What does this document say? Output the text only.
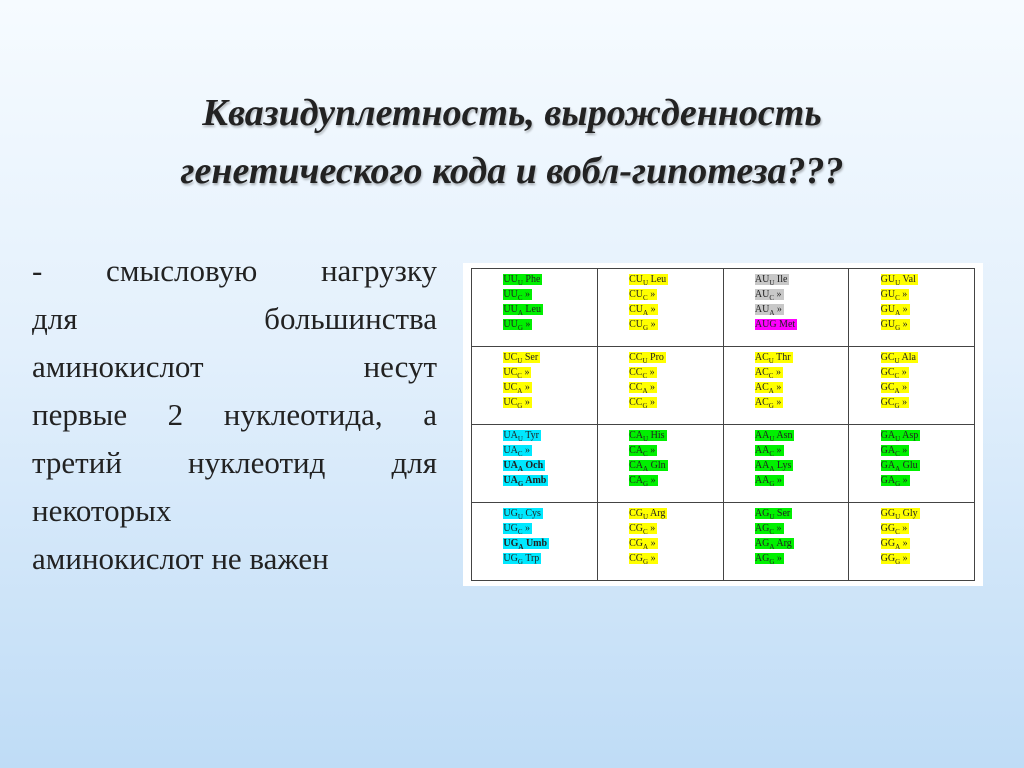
Квазидуплетность, вырожденность
генетического кода и вобл-гипотеза???
- смысловую нагрузку
для большинства
аминокислот несут
первые 2 нуклеотида, а
третий нуклеотид для
некоторых
аминокислот не важен
$UU_U$ Phe
$UU_C$ »
$UU_A$ Leu
$UU_G$ »	$CU_U$ Leu
$CU_C$ »
$CU_A$ »
$CU_G$ »	$AU_U$ Ile
$AU_C$ »
$AU_A$ »
AUG Met	$GU_U$ Val
$GU_C$ »
$GU_A$ »
$GU_G$ »

$UC_U$ Ser
$UC_C$ »
$UC_A$ »
$UC_G$ »	$CC_U$ Pro
$CC_C$ »
$CC_A$ »
$CC_G$ »	$AC_U$ Thr
$AC_C$ »
$AC_A$ »
$AC_G$ »	$GC_U$ Ala
$GC_C$ »
$GC_A$ »
$GC_G$ »

$UA_U$ Tyr
$UA_C$ »
$UA_A$ Och
$UA_G$ Amb	$CA_U$ His
$CA_C$ »
$CA_A$ Gln
$CA_G$ »	$AA_U$ Asn
$AA_C$ »
$AA_A$ Lys
$AA_G$ »	$GA_U$ Asp
$GA_C$ »
$GA_A$ Glu
$GA_G$ »

$UG_U$ Cys
$UG_C$ »
$UG_A$ Umb
$UG_G$ Trp	$CG_U$ Arg
$CG_C$ »
$CG_A$ »
$CG_G$ »	$AG_U$ Ser
$AG_C$ »
$AG_A$ Arg
$AG_G$ »	$GG_U$ Gly
$GG_C$ »
$GG_A$ »
$GG_G$ »
